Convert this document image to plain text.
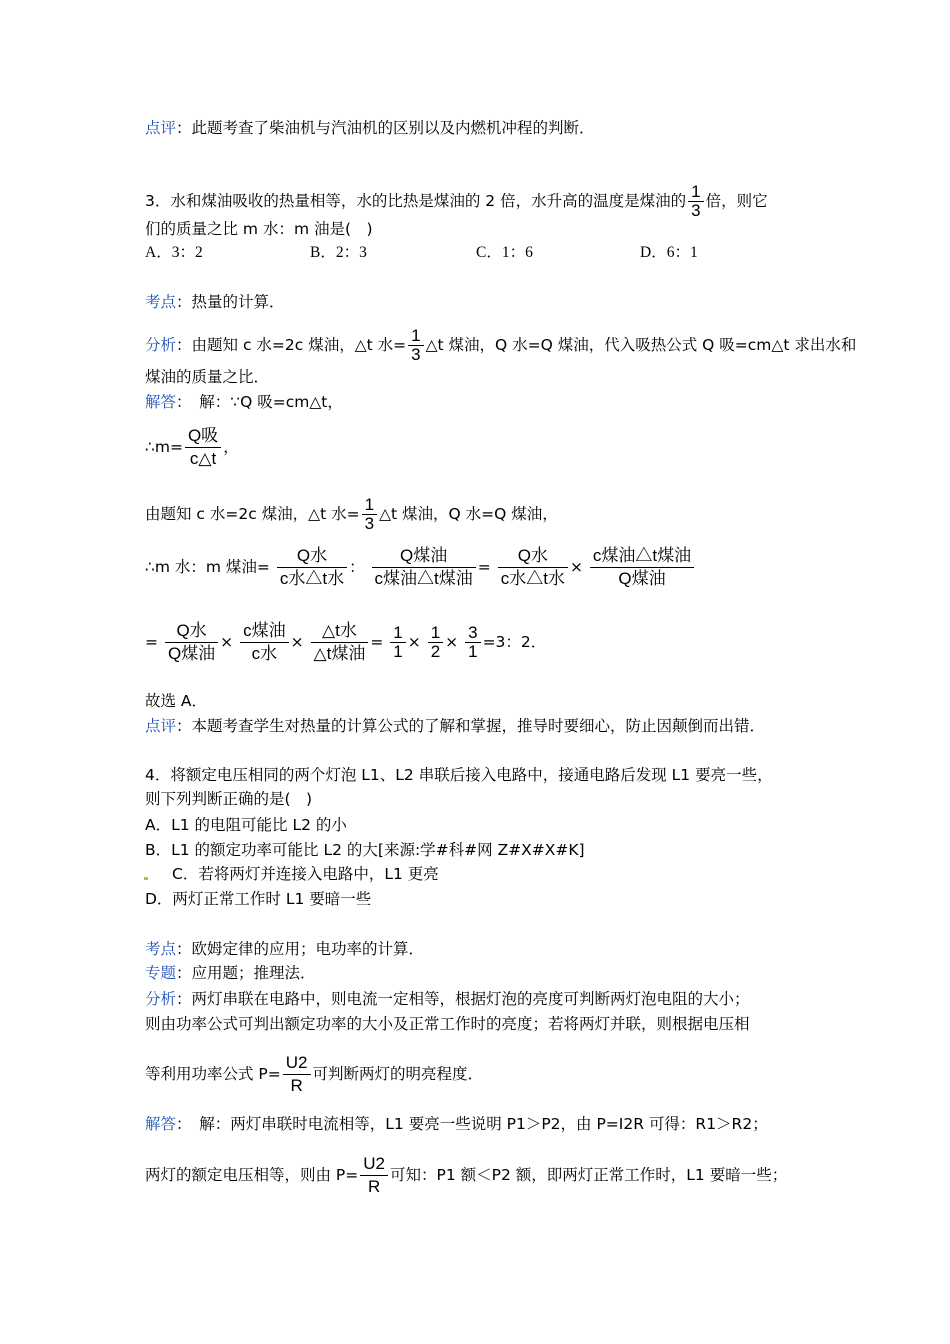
点评：此题考查了柴油机与汽油机的区别以及内燃机冲程的判断．
3．水和煤油吸收的热量相等，水的比热是煤油的 2 倍，水升高的温度是煤油的 $\frac{1}{3}$ 倍，则它
们的质量之比 m 水：m 油是(　)
A．3：2	B．2：3	C．1：6	D．6：1
考点：热量的计算．
分析：由题知 c 水=2c 煤油，△t 水= $\frac{1}{3}$ △t 煤油，Q 水=Q 煤油，代入吸热公式 Q 吸=cm△t 求出水和
煤油的质量之比．
解答：　解：∵Q 吸=cm△t，
∴m= $\frac{\text{Q吸}}{c\triangle t}$ ，
由题知 c 水=2c 煤油，△t 水= $\frac{1}{3}$ △t 煤油，Q 水=Q 煤油，
∴m 水：m 煤油= $\frac{\text{Q水}}{\text{c水△t水}}$ ： $\frac{\text{Q煤油}}{\text{c煤油△t煤油}} = \frac{\text{Q水}}{\text{c水△t水}} \times \frac{\text{c煤油△t煤油}}{\text{Q煤油}}$
= $\frac{\text{Q水}}{\text{Q煤油}} \times \frac{\text{c煤油}}{\text{c水}} \times \frac{\text{△t水}}{\text{△t煤油}} = \frac{1}{1} \times \frac{1}{2} \times \frac{3}{1} =3$：2．
故选 A．
点评：本题考查学生对热量的计算公式的了解和掌握，推导时要细心，防止因颠倒而出错．
4．将额定电压相同的两个灯泡 L1、L2 串联后接入电路中，接通电路后发现 L1 要亮一些，
则下列判断正确的是(　)
A．L1 的电阻可能比 L2 的小
B．L1 的额定功率可能比 L2 的大[来源:学#科#网 Z#X#X#K]
C．若将两灯并连接入电路中，L1 更亮
D．两灯正常工作时 L1 要暗一些
考点：欧姆定律的应用；电功率的计算．
专题：应用题；推理法．
分析：两灯串联在电路中，则电流一定相等，根据灯泡的亮度可判断两灯泡电阻的大小；
则由功率公式可判出额定功率的大小及正常工作时的亮度；若将两灯并联，则根据电压相
等利用功率公式 $P= \frac{U2}{R}$ 可判断两灯的明亮程度．
解答：　解：两灯串联时电流相等，L1 要亮一些说明 P1＞P2，由 P=I2R 可得：R1＞R2；
两灯的额定电压相等，则由 $P= \frac{U2}{R}$ 可知：P1 额＜P2 额，即两灯正常工作时，L1 要暗一些；
